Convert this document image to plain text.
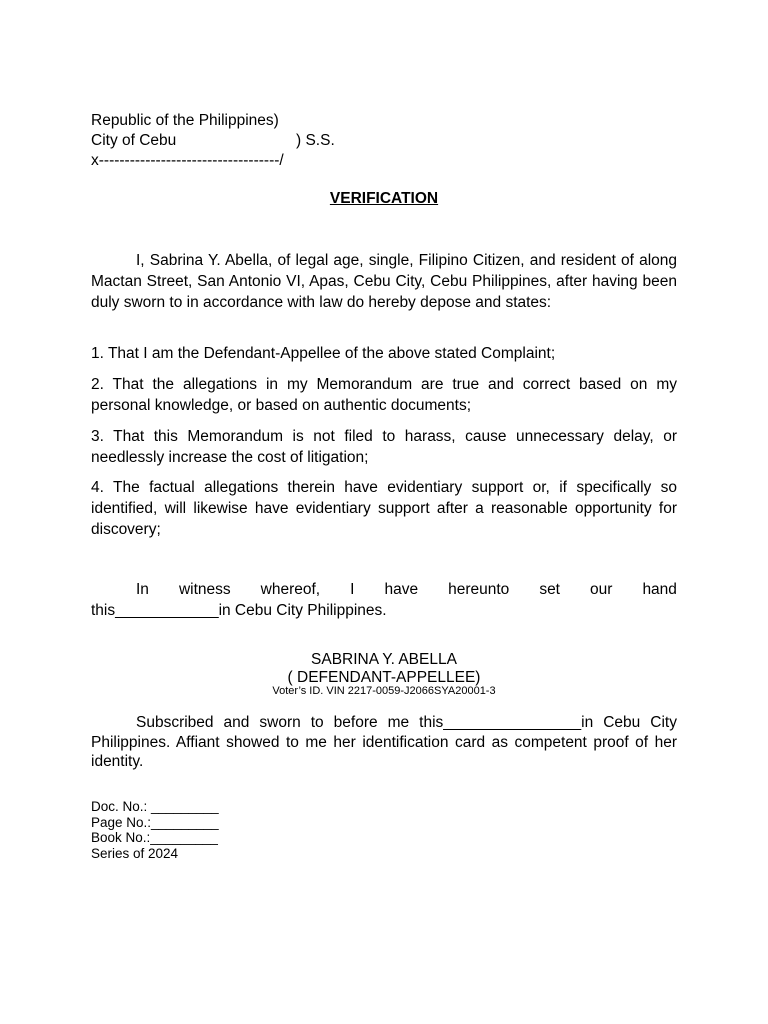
Republic of the Philippines)
City of Cebu	) S.S.
x-----------------------------------/
VERIFICATION

I, Sabrina Y. Abella, of legal age, single, Filipino Citizen, and resident of along Mactan Street, San Antonio VI, Apas, Cebu City, Cebu Philippines, after having been duly sworn to in accordance with law do hereby depose and states:

1. That I am the Defendant-Appellee of the above stated Complaint;

2. That the allegations in my Memorandum are true and correct based on my personal knowledge, or based on authentic documents;

3. That this Memorandum is not filed to harass, cause unnecessary delay, or needlessly increase the cost of litigation;

4. The factual allegations therein have evidentiary support or, if specifically so identified, will likewise have evidentiary support after a reasonable opportunity for discovery;

In witness whereof, I have hereunto set our hand
this____________in Cebu City Philippines.
SABRINA Y. ABELLA
( DEFENDANT-APPELLEE)
Voter’s ID. VIN 2217-0059-J2066SYA20001-3

Subscribed and sworn to before me this________________in Cebu City Philippines. Affiant showed to me her identification card as competent proof of her identity.

Doc. No.: _________
Page No.:_________
Book No.:_________
Series of 2024
